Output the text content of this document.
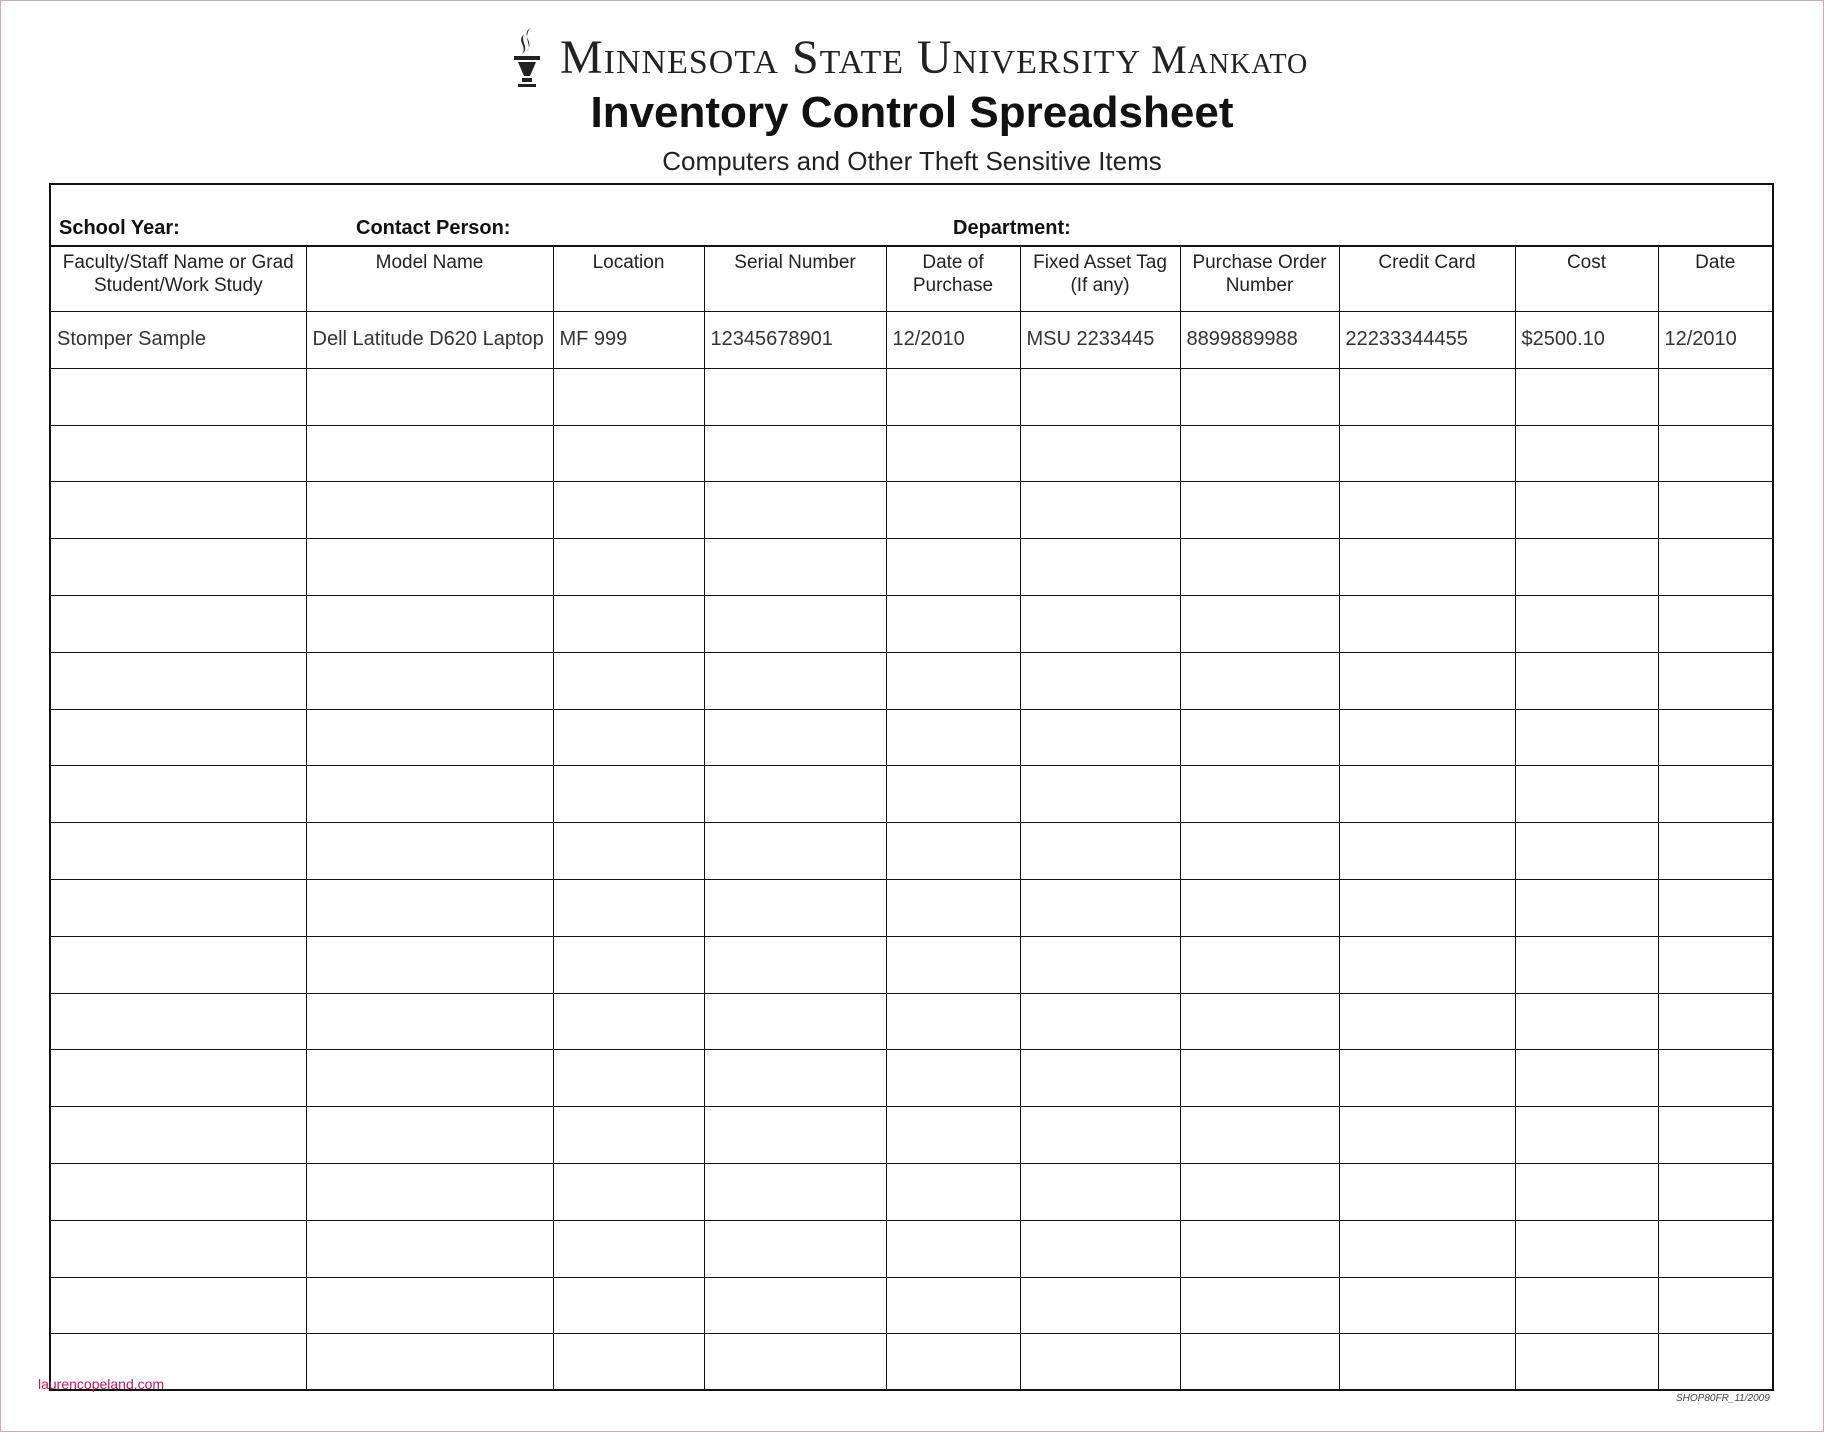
Minnesota State University Mankato
Inventory Control Spreadsheet
Computers and Other Theft Sensitive Items
School Year:	Contact Person:	Department:
Faculty/Staff Name or Grad Student/Work Study	Model Name	Location	Serial Number	Date of Purchase	Fixed Asset Tag (If any)	Purchase Order Number	Credit Card	Cost	Date
Stomper Sample	Dell Latitude D620 Laptop	MF 999	12345678901	12/2010	MSU 2233445	8899889988	22233344455	$2500.10	12/2010

laurencopeland.com
SHOP80FR_11/2009
